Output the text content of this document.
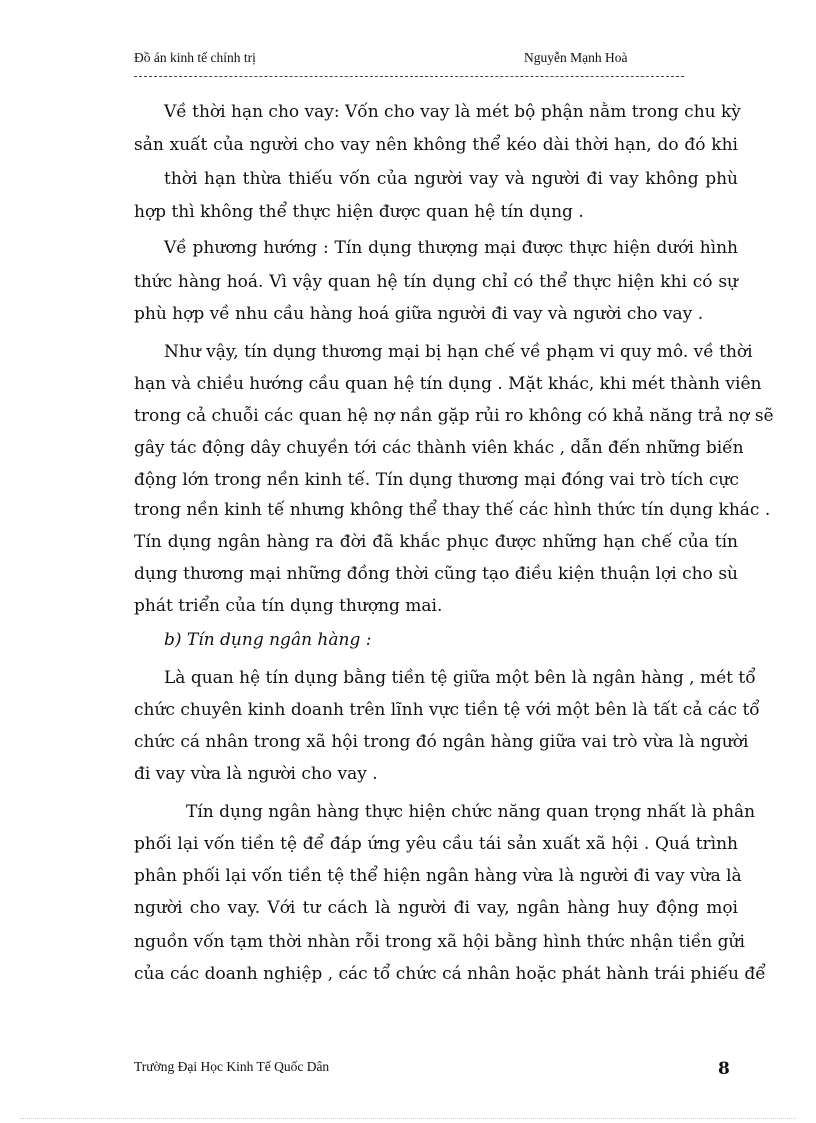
Đồ án kinh tế chính trị	Nguyễn Mạnh Hoà
Về thời hạn cho vay: Vốn cho vay là mét bộ phận nằm trong chu kỳ
sản xuất của người cho vay nên không thể kéo dài thời hạn, do đó khi
thời hạn thừa thiếu vốn của người vay và người đi vay không phù
hợp thì không thể thực hiện được quan hệ tín dụng .
Về phương hướng : Tín dụng thượng mại được thực hiện dưới hình
thức hàng hoá. Vì vậy quan hệ tín dụng chỉ có thể thực hiện khi có sự
phù hợp về nhu cầu hàng hoá giữa người đi vay và người cho vay .
Như vậy, tín dụng thương mại bị hạn chế về phạm vi quy mô. về thời
hạn và chiều hướng cầu quan hệ tín dụng . Mặt khác, khi mét thành viên
trong cả chuỗi các quan hệ nợ nần gặp rủi ro không có khả năng trả nợ sẽ
gây tác động dây chuyền tới các thành viên khác , dẫn đến những biến
động lớn trong nền kinh tế. Tín dụng thương mại đóng vai trò tích cực
trong nền kinh tế nhưng không thể thay thế các hình thức tín dụng khác .
Tín dụng ngân hàng ra đời đã khắc phục được những hạn chế của tín
dụng thương mại những đồng thời cũng tạo điều kiện thuận lợi cho sù
phát triển của tín dụng thượng mai.
b) Tín dụng ngân hàng :
Là quan hệ tín dụng bằng tiền tệ giữa một bên là ngân hàng , mét tổ
chức chuyên kinh doanh trên lĩnh vực tiền tệ với một bên là tất cả các tổ
chức cá nhân trong xã hội trong đó ngân hàng giữa vai trò vừa là người
đi vay vừa là người cho vay .
Tín dụng ngân hàng thực hiện chức năng quan trọng nhất là phân
phối lại vốn tiền tệ để đáp ứng yêu cầu tái sản xuất xã hội . Quá trình
phân phối lại vốn tiền tệ thể hiện ngân hàng vừa là người đi vay vừa là
người cho vay. Với tư cách là người đi vay, ngân hàng huy động mọi
nguồn vốn tạm thời nhàn rỗi trong xã hội bằng hình thức nhận tiền gửi
của các doanh nghiệp , các tổ chức cá nhân hoặc phát hành trái phiếu để
Trường Đại Học Kinh Tế Quốc Dân	8
